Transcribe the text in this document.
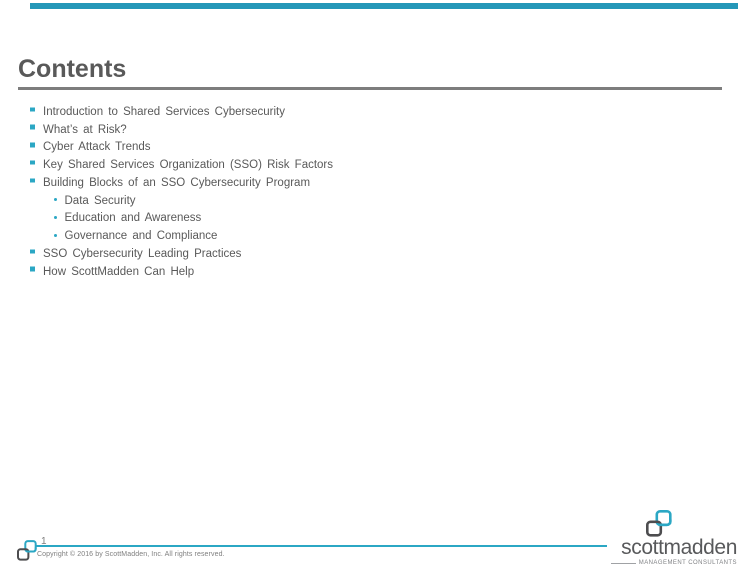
Contents
Introduction to Shared Services Cybersecurity
What’s at Risk?
Cyber Attack Trends
Key Shared Services Organization (SSO) Risk Factors
Building Blocks of an SSO Cybersecurity Program
Data Security
Education and Awareness
Governance and Compliance
SSO Cybersecurity Leading Practices
How ScottMadden Can Help
1
Copyright © 2016 by ScottMadden, Inc. All rights reserved.	scottmadden
MANAGEMENT CONSULTANTS
